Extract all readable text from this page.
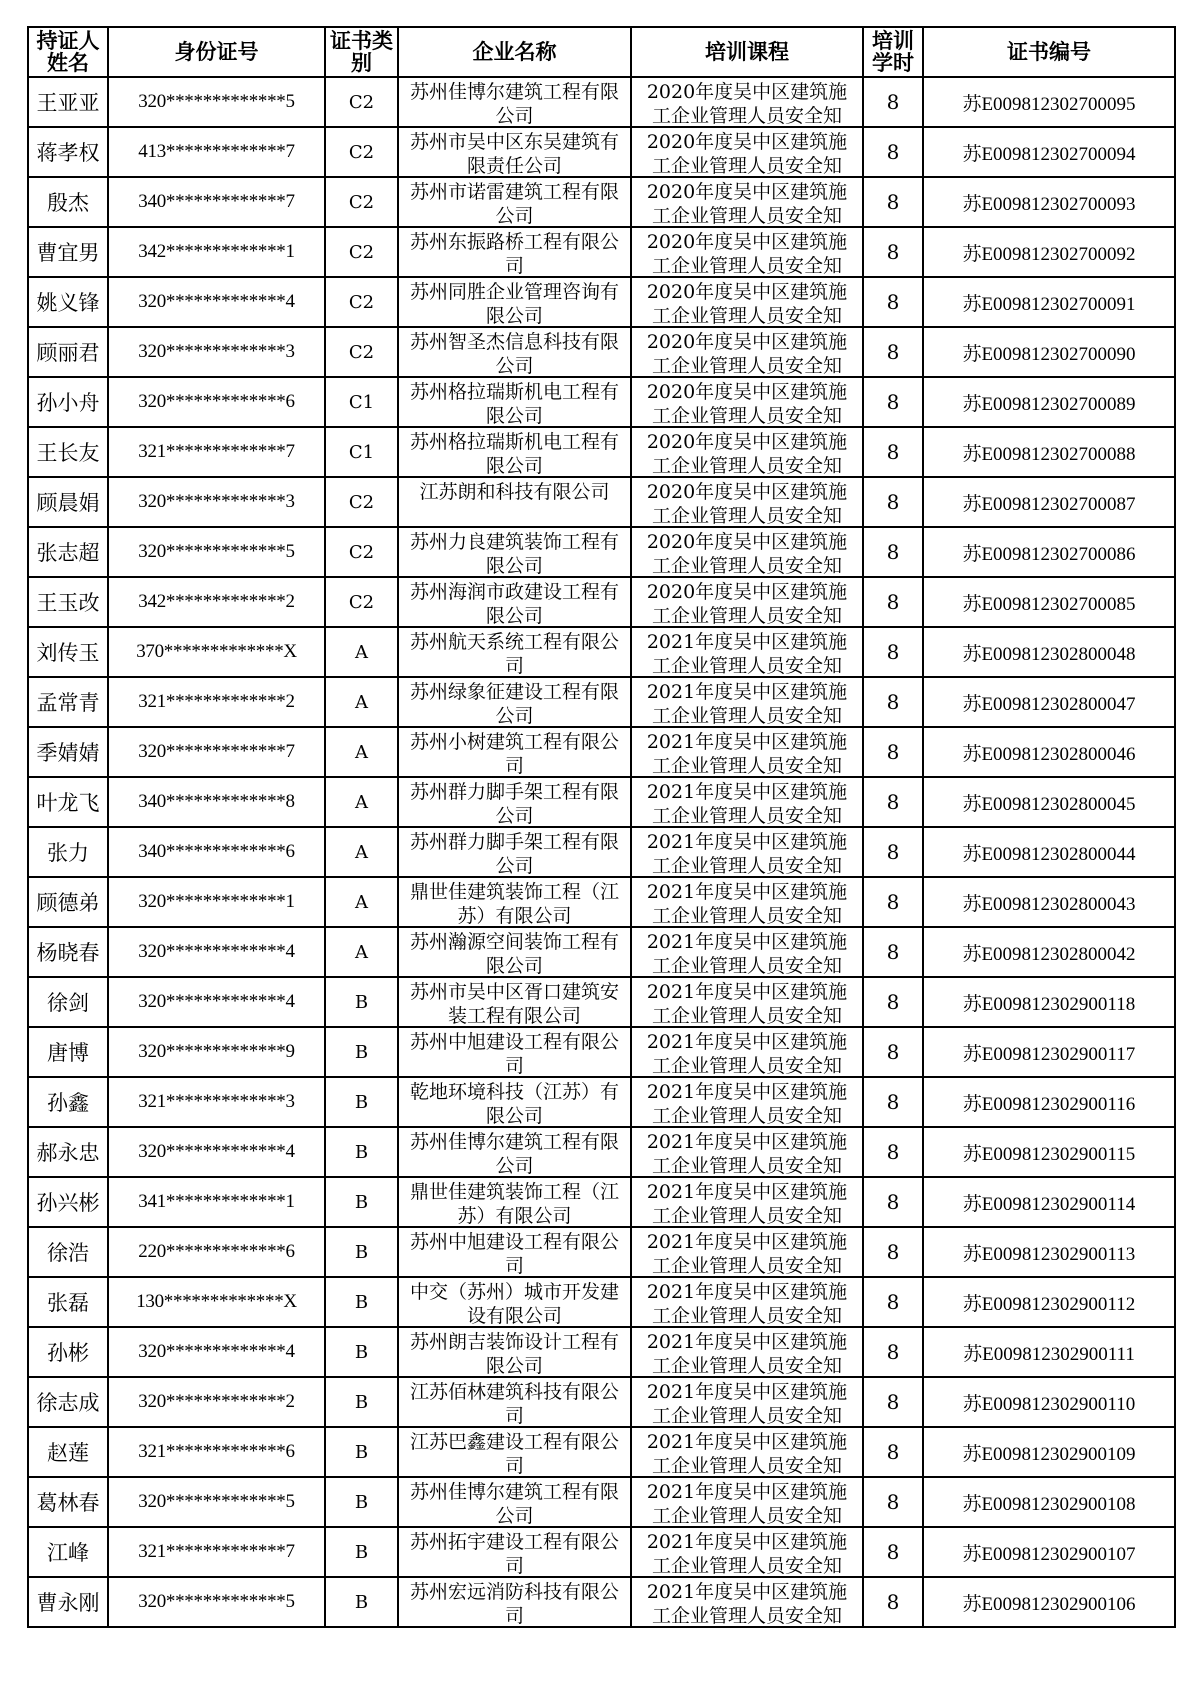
持证人姓名	身份证号	证书类别	企业名称	培训课程	培训学时	证书编号
王亚亚	320*************5	C2	苏州佳博尔建筑工程有限公司	2020年度吴中区建筑施工企业管理人员安全知	8	苏E009812302700095
蒋孝权	413*************7	C2	苏州市吴中区东吴建筑有限责任公司	2020年度吴中区建筑施工企业管理人员安全知	8	苏E009812302700094
殷杰	340*************7	C2	苏州市诺雷建筑工程有限公司	2020年度吴中区建筑施工企业管理人员安全知	8	苏E009812302700093
曹宜男	342*************1	C2	苏州东振路桥工程有限公司	2020年度吴中区建筑施工企业管理人员安全知	8	苏E009812302700092
姚义锋	320*************4	C2	苏州同胜企业管理咨询有限公司	2020年度吴中区建筑施工企业管理人员安全知	8	苏E009812302700091
顾丽君	320*************3	C2	苏州智圣杰信息科技有限公司	2020年度吴中区建筑施工企业管理人员安全知	8	苏E009812302700090
孙小舟	320*************6	C1	苏州格拉瑞斯机电工程有限公司	2020年度吴中区建筑施工企业管理人员安全知	8	苏E009812302700089
王长友	321*************7	C1	苏州格拉瑞斯机电工程有限公司	2020年度吴中区建筑施工企业管理人员安全知	8	苏E009812302700088
顾晨娟	320*************3	C2	江苏朗和科技有限公司	2020年度吴中区建筑施工企业管理人员安全知	8	苏E009812302700087
张志超	320*************5	C2	苏州力良建筑装饰工程有限公司	2020年度吴中区建筑施工企业管理人员安全知	8	苏E009812302700086
王玉改	342*************2	C2	苏州海润市政建设工程有限公司	2020年度吴中区建筑施工企业管理人员安全知	8	苏E009812302700085
刘传玉	370*************X	A	苏州航天系统工程有限公司	2021年度吴中区建筑施工企业管理人员安全知	8	苏E009812302800048
孟常青	321*************2	A	苏州绿象征建设工程有限公司	2021年度吴中区建筑施工企业管理人员安全知	8	苏E009812302800047
季婧婧	320*************7	A	苏州小树建筑工程有限公司	2021年度吴中区建筑施工企业管理人员安全知	8	苏E009812302800046
叶龙飞	340*************8	A	苏州群力脚手架工程有限公司	2021年度吴中区建筑施工企业管理人员安全知	8	苏E009812302800045
张力	340*************6	A	苏州群力脚手架工程有限公司	2021年度吴中区建筑施工企业管理人员安全知	8	苏E009812302800044
顾德弟	320*************1	A	鼎世佳建筑装饰工程（江苏）有限公司	2021年度吴中区建筑施工企业管理人员安全知	8	苏E009812302800043
杨晓春	320*************4	A	苏州瀚源空间装饰工程有限公司	2021年度吴中区建筑施工企业管理人员安全知	8	苏E009812302800042
徐剑	320*************4	B	苏州市吴中区胥口建筑安装工程有限公司	2021年度吴中区建筑施工企业管理人员安全知	8	苏E009812302900118
唐博	320*************9	B	苏州中旭建设工程有限公司	2021年度吴中区建筑施工企业管理人员安全知	8	苏E009812302900117
孙鑫	321*************3	B	乾地环境科技（江苏）有限公司	2021年度吴中区建筑施工企业管理人员安全知	8	苏E009812302900116
郝永忠	320*************4	B	苏州佳博尔建筑工程有限公司	2021年度吴中区建筑施工企业管理人员安全知	8	苏E009812302900115
孙兴彬	341*************1	B	鼎世佳建筑装饰工程（江苏）有限公司	2021年度吴中区建筑施工企业管理人员安全知	8	苏E009812302900114
徐浩	220*************6	B	苏州中旭建设工程有限公司	2021年度吴中区建筑施工企业管理人员安全知	8	苏E009812302900113
张磊	130*************X	B	中交（苏州）城市开发建设有限公司	2021年度吴中区建筑施工企业管理人员安全知	8	苏E009812302900112
孙彬	320*************4	B	苏州朗吉装饰设计工程有限公司	2021年度吴中区建筑施工企业管理人员安全知	8	苏E009812302900111
徐志成	320*************2	B	江苏佰林建筑科技有限公司	2021年度吴中区建筑施工企业管理人员安全知	8	苏E009812302900110
赵莲	321*************6	B	江苏巴鑫建设工程有限公司	2021年度吴中区建筑施工企业管理人员安全知	8	苏E009812302900109
葛林春	320*************5	B	苏州佳博尔建筑工程有限公司	2021年度吴中区建筑施工企业管理人员安全知	8	苏E009812302900108
江峰	321*************7	B	苏州拓宇建设工程有限公司	2021年度吴中区建筑施工企业管理人员安全知	8	苏E009812302900107
曹永刚	320*************5	B	苏州宏远消防科技有限公司	2021年度吴中区建筑施工企业管理人员安全知	8	苏E009812302900106
